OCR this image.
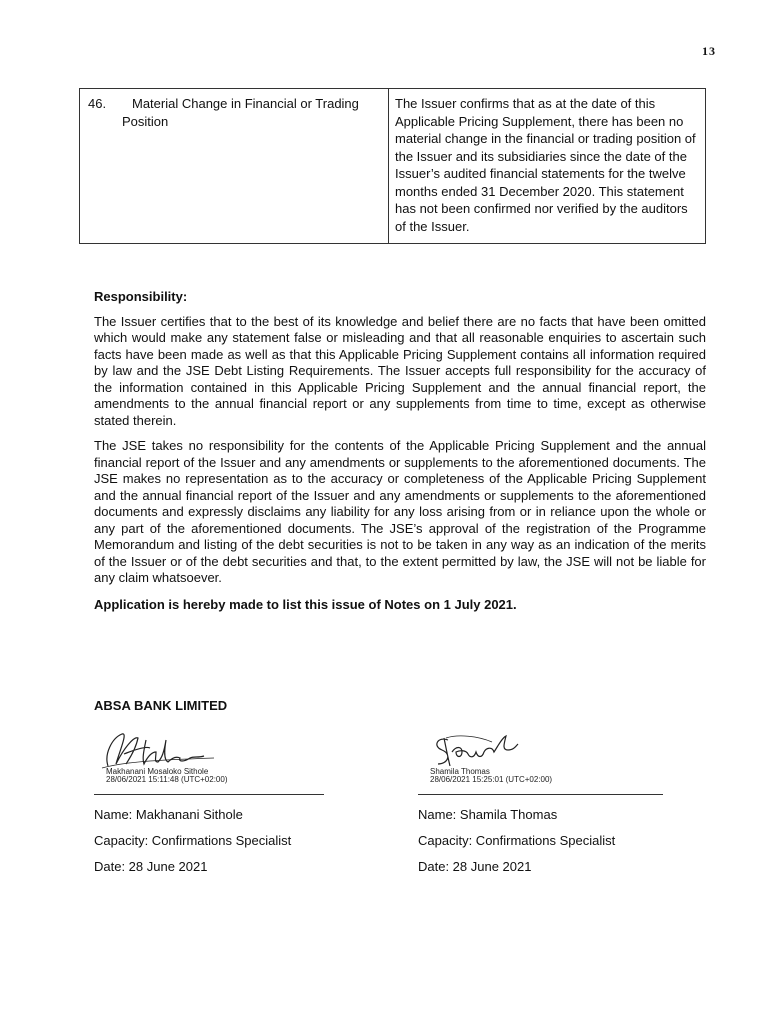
13
46.	Material Change in Financial or Trading
Position
	The Issuer confirms that as at the date of this Applicable Pricing Supplement, there has been no material change in the financial or trading position of the Issuer and its subsidiaries since the date of the Issuer’s audited financial statements for the twelve months ended 31 December 2020. This statement has not been confirmed nor verified by the auditors of the Issuer.

Responsibility:

The Issuer certifies that to the best of its knowledge and belief there are no facts that have been omitted which would make any statement false or misleading and that all reasonable enquiries to ascertain such facts have been made as well as that this Applicable Pricing Supplement contains all information required by law and the JSE Debt Listing Requirements. The Issuer accepts full responsibility for the accuracy of the information contained in this Applicable Pricing Supplement and the annual financial report, the amendments to the annual financial report or any supplements from time to time, except as otherwise stated therein.

The JSE takes no responsibility for the contents of the Applicable Pricing Supplement and the annual financial report of the Issuer and any amendments or supplements to the aforementioned documents. The JSE makes no representation as to the accuracy or completeness of the Applicable Pricing Supplement and the annual financial report of the Issuer and any amendments or supplements to the aforementioned documents and expressly disclaims any liability for any loss arising from or in reliance upon the whole or any part of the aforementioned documents. The JSE’s approval of the registration of the Programme Memorandum and listing of the debt securities is not to be taken in any way as an indication of the merits of the Issuer or of the debt securities and that, to the extent permitted by law, the JSE will not be liable for any claim whatsoever.

Application is hereby made to list this issue of Notes on 1 July 2021.

ABSA BANK LIMITED
Makhanani Mosaloko Sithole
28/06/2021 15:11:48 (UTC+02:00)
Name: Makhanani Sithole
Capacity: Confirmations Specialist
Date: 28 June 2021
Shamila Thomas
28/06/2021 15:25:01 (UTC+02:00)
Name: Shamila Thomas
Capacity: Confirmations Specialist
Date: 28 June 2021
